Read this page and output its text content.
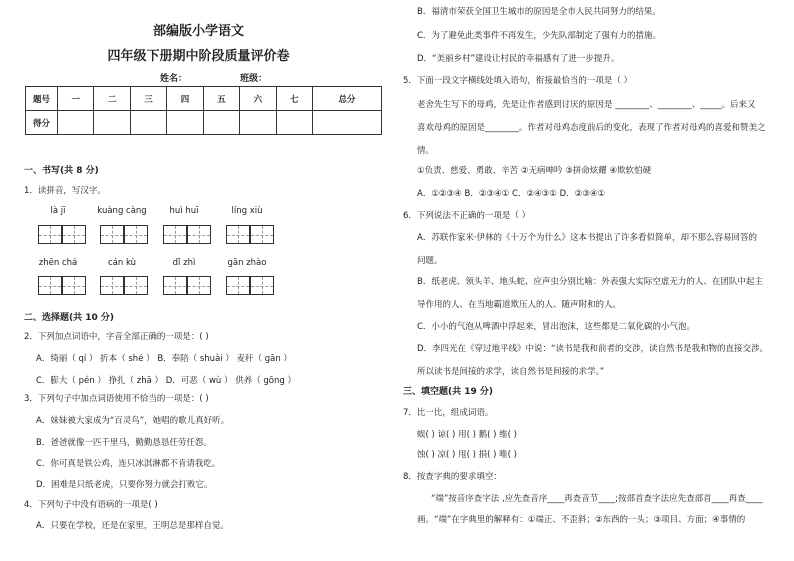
部编版小学语文
四年级下册期中阶段质量评价卷
姓名：	班级：
题号	一	二	三	四	五	六	七	总分
得分								
一、书写(共 8 分)
1．读拼音，写汉字。
là jī	kuàng càng	huì huī	líng xiù
zhēn chá	cán kù	dǐ zhì	gān zhào
二、选择题(共 10 分)
2．下列加点词语中，字音全部正确的一项是：( )
A．绮丽（ qí ） 折本（ shé ） B．奉陪（ shuài ） 麦秆（ gān ）
C．膨大（ pén ） 挣扎（ zhā ） D．可恶（ wù ） 供养（ gōng ）
3．下列句子中加点词语使用不恰当的一项是：( )
A．妹妹被大家成为“百灵鸟”，她唱的歌儿真好听。
B．爸爸就像一匹千里马，勤勤恳恳任劳任怨。
C．你可真是铁公鸡，连只冰淇淋都不肯请我吃。
D．困难是只纸老虎，只要你努力就会打败它。
4．下列句子中没有语病的一项是( )
A．只要在学校，还是在家里，王明总是那样自觉。
B．福清市荣获全国卫生城市的原因是全市人民共同努力的结果。
C．为了避免此类事件不再发生，少先队部制定了强有力的措施。
D．“美丽乡村”建设让村民的幸福感有了进一步提升。
5．下面一段文字横线处填入语句，衔接最恰当的一项是（ ）
老舍先生写下的母鸡，先是让作者感到讨厌的原因是 ________、________、_____。后来又
喜欢母鸡的原因是________。作者对母鸡态度前后的变化，表现了作者对母鸡的喜爱和赞美之
情。
①负责、慈爱、勇敢、辛苦 ②无病呻吟 ③拼命炫耀 ④欺软怕硬
A．①②③④ B．②③④① C．②④③① D．②③④①
6．下列说法不正确的一项是（ ）
A．苏联作家米·伊林的《十万个为什么》这本书提出了许多看似简单，却不那么容易回答的
问题。
B．纸老虎、领头羊、地头蛇、应声虫分别比喻：外表强大实际空虚无力的人、在团队中起主
导作用的人、在当地霸道欺压人的人、随声附和的人。
C．小小的气泡从啤酒中浮起来，冒出泡沫，这些都是二氧化碳的小气泡。
D．李四光在《穿过地平线》中说：“读书是我和前者的交涉，读自然书是我和物的直接交涉。
所以读书是间接的求学，读自然书是间接的求学。”
三、填空题(共 19 分)
7．比一比，组成词语。
蜈( ) 谅( ) 用( ) 鹅( ) 维( )
蚀( ) 凉( ) 甩( ) 捐( ) 唯( )
8．按查字典的要求填空：
“端”按音序查字法 ,应先查音序____再查音节____;按部首查字法应先查部首____再查____
画。“端”在字典里的解释有：①端正、不歪斜；②东西的一头；③项目、方面；④事情的
